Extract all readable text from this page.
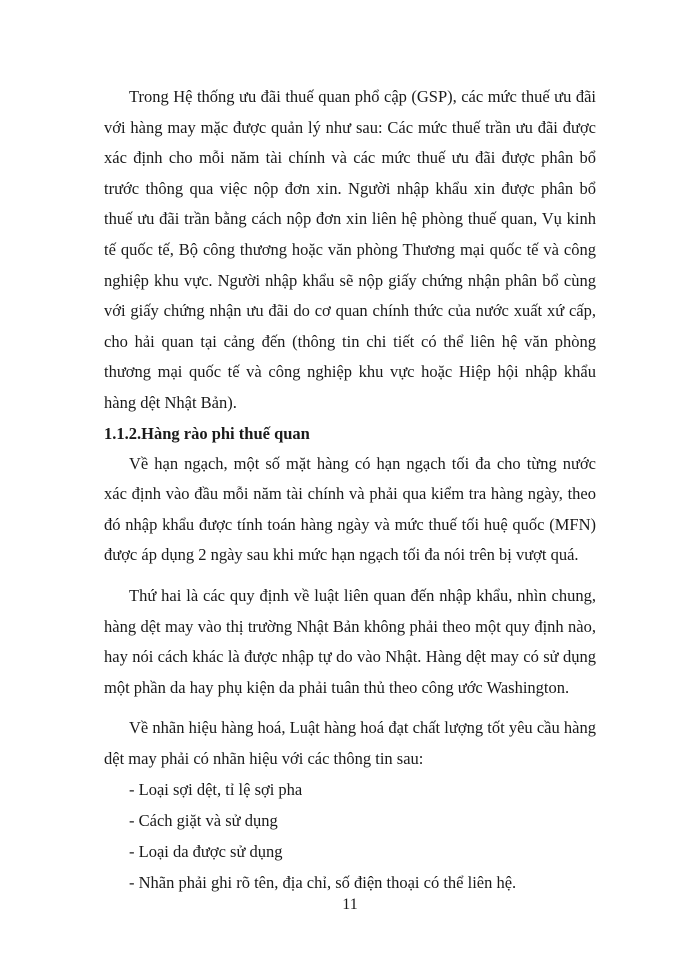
Trong Hệ thống ưu đãi thuế quan phổ cập (GSP), các mức thuế ưu đãi với hàng may mặc được quản lý như sau: Các mức thuế trần ưu đãi được xác định cho mỗi năm tài chính và các mức thuế ưu đãi được phân bổ trước thông qua việc nộp đơn xin. Người nhập khẩu xin được phân bổ thuế ưu đãi trần bằng cách nộp đơn xin liên hệ phòng thuế quan, Vụ kinh tế quốc tế, Bộ công thương hoặc văn phòng Thương mại quốc tế và công nghiệp khu vực. Người nhập khẩu sẽ nộp giấy chứng nhận phân bổ cùng với giấy chứng nhận ưu đãi do cơ quan chính thức của nước xuất xứ cấp, cho hải quan tại cảng đến (thông tin chi tiết có thể liên hệ văn phòng thương mại quốc tế và công nghiệp khu vực hoặc Hiệp hội nhập khẩu hàng dệt Nhật Bản).

1.1.2.Hàng rào phi thuế quan

Về hạn ngạch, một số mặt hàng có hạn ngạch tối đa cho từng nước xác định vào đầu mỗi năm tài chính và phải qua kiểm tra hàng ngày, theo đó nhập khẩu được tính toán hàng ngày và mức thuế tối huệ quốc (MFN) được áp dụng 2 ngày sau khi mức hạn ngạch tối đa nói trên bị vượt quá.

Thứ hai là các quy định về luật liên quan đến nhập khẩu, nhìn chung, hàng dệt may vào thị trường Nhật Bản không phải theo một quy định nào, hay nói cách khác là được nhập tự do vào Nhật. Hàng dệt may có sử dụng một phần da hay phụ kiện da phải tuân thủ theo công ước Washington.

Về nhãn hiệu hàng hoá, Luật hàng hoá đạt chất lượng tốt yêu cầu hàng dệt may phải có nhãn hiệu với các thông tin sau:

- Loại sợi dệt, tỉ lệ sợi pha
- Cách giặt và sử dụng
- Loại da được sử dụng
- Nhãn phải ghi rõ tên, địa chỉ, số điện thoại có thể liên hệ.
11
